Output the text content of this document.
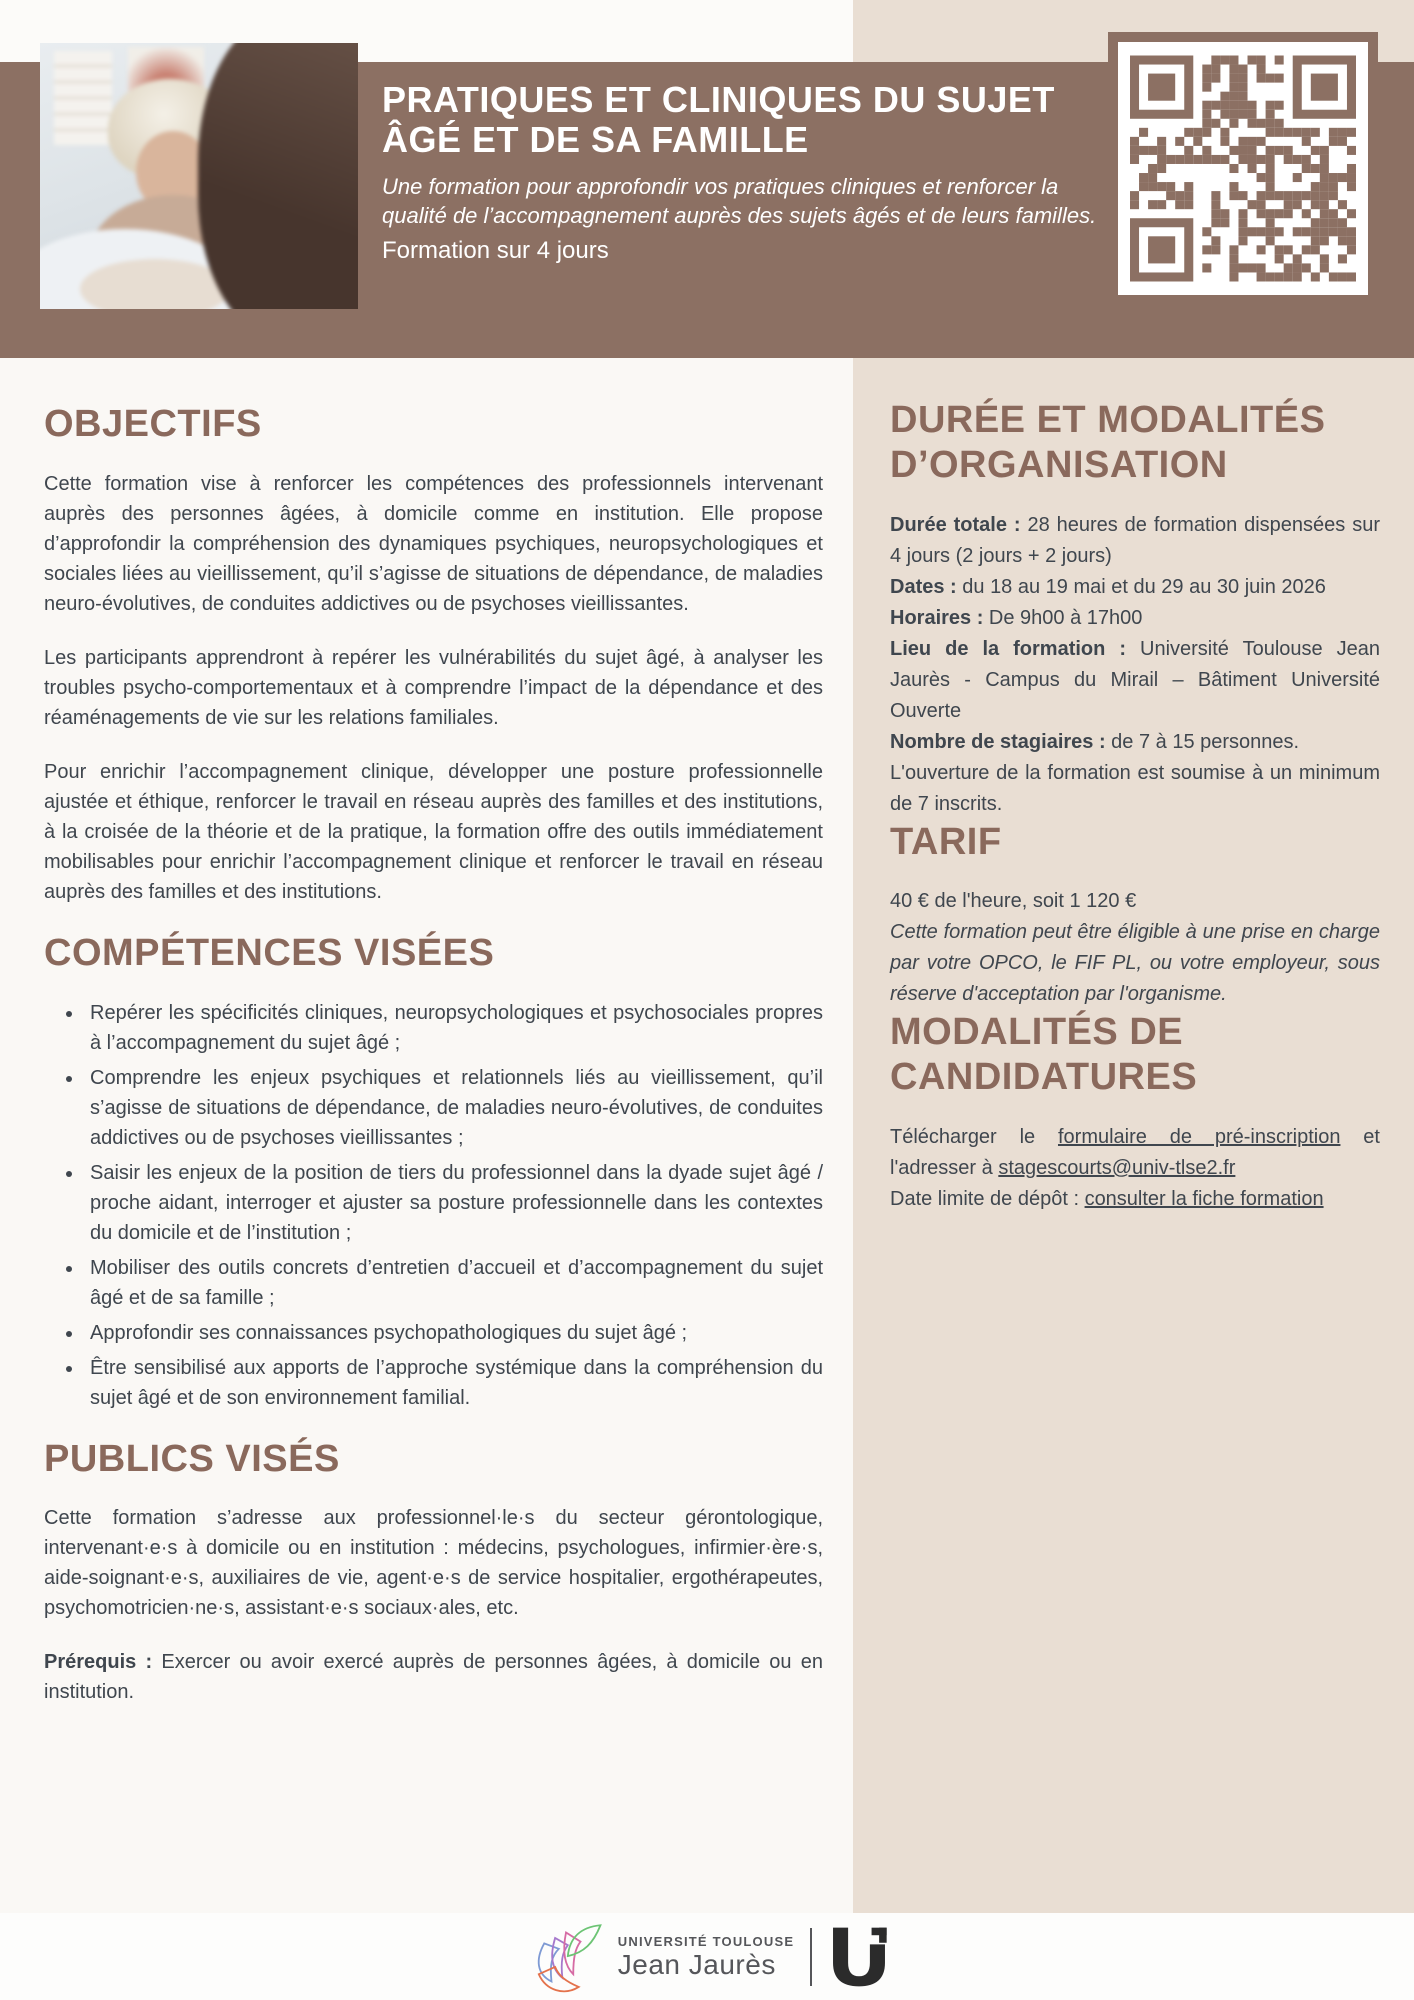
PRATIQUES ET CLINIQUES DU SUJET
ÂGÉ ET DE SA FAMILLE
Une formation pour approfondir vos pratiques cliniques et renforcer la qualité de l’accompagnement auprès des sujets âgés et de leurs familles.
Formation sur 4 jours
OBJECTIFS

Cette formation vise à renforcer les compétences des professionnels intervenant auprès des personnes âgées, à domicile comme en institution. Elle propose d’approfondir la compréhension des dynamiques psychiques, neuropsychologiques et sociales liées au vieillissement, qu’il s’agisse de situations de dépendance, de maladies neuro-évolutives, de conduites addictives ou de psychoses vieillissantes.

Les participants apprendront à repérer les vulnérabilités du sujet âgé, à analyser les troubles psycho-comportementaux et à comprendre l’impact de la dépendance et des réaménagements de vie sur les relations familiales.

Pour enrichir l’accompagnement clinique, développer une posture professionnelle ajustée et éthique, renforcer le travail en réseau auprès des familles et des institutions, à la croisée de la théorie et de la pratique, la formation offre des outils immédiatement mobilisables pour enrichir l’accompagnement clinique et renforcer le travail en réseau auprès des familles et des institutions.

COMPÉTENCES VISÉES
• Repérer les spécificités cliniques, neuropsychologiques et psychosociales propres à l’accompagnement du sujet âgé ;
• Comprendre les enjeux psychiques et relationnels liés au vieillissement, qu’il s’agisse de situations de dépendance, de maladies neuro-évolutives, de conduites addictives ou de psychoses vieillissantes ;
• Saisir les enjeux de la position de tiers du professionnel dans la dyade sujet âgé / proche aidant, interroger et ajuster sa posture professionnelle dans les contextes du domicile et de l’institution ;
• Mobiliser des outils concrets d’entretien d’accueil et d’accompagnement du sujet âgé et de sa famille ;
• Approfondir ses connaissances psychopathologiques du sujet âgé ;
• Être sensibilisé aux apports de l’approche systémique dans la compréhension du sujet âgé et de son environnement familial.
PUBLICS VISÉS

Cette formation s’adresse aux professionnel·le·s du secteur gérontologique, intervenant·e·s à domicile ou en institution : médecins, psychologues, infirmier·ère·s, aide-soignant·e·s, auxiliaires de vie, agent·e·s de service hospitalier, ergothérapeutes, psychomotricien·ne·s, assistant·e·s sociaux·ales, etc.

Prérequis : Exercer ou avoir exercé auprès de personnes âgées, à domicile ou en institution.

DURÉE ET MODALITÉS
D’ORGANISATION

Durée totale : 28 heures de formation dispensées sur 4 jours (2 jours + 2 jours)

Dates : du 18 au 19 mai et du 29 au 30 juin 2026

Horaires : De 9h00 à 17h00

Lieu de la formation : Université Toulouse Jean Jaurès - Campus du Mirail – Bâtiment Université Ouverte

Nombre de stagiaires : de 7 à 15 personnes.

L'ouverture de la formation est soumise à un minimum de 7 inscrits.

TARIF

40 € de l'heure, soit 1 120 €

Cette formation peut être éligible à une prise en charge par votre OPCO, le FIF PL, ou votre employeur, sous réserve d'acceptation par l'organisme.

MODALITÉS DE
CANDIDATURES

Télécharger le formulaire de pré-inscription et l'adresser à stagescourts@univ-tlse2.fr

Date limite de dépôt : consulter la fiche formation

UNIVERSITÉ TOULOUSE
Jean Jaurès
